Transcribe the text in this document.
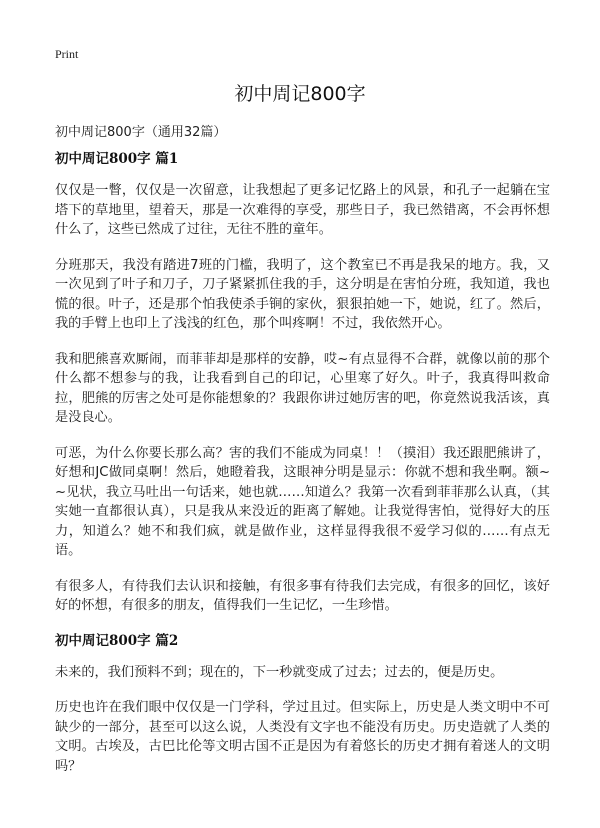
Print
初中周记800字

初中周记800字（通用32篇）

初中周记800字 篇1

仅仅是一瞥，仅仅是一次留意，让我想起了更多记忆路上的风景，和孔子一起躺在宝塔下的草地里，望着天，那是一次难得的享受，那些日子，我已然错离，不会再怀想什么了，这些已然成了过往，无往不胜的童年。

分班那天，我没有踏进7班的门槛，我明了，这个教室已不再是我呆的地方。我，又一次见到了叶子和刀子，刀子紧紧抓住我的手，这分明是在害怕分班，我知道，我也慌的很。叶子，还是那个怕我使杀手锏的家伙，狠狠拍她一下，她说，红了。然后，我的手臂上也印上了浅浅的红色，那个叫疼啊！不过，我依然开心。

我和肥熊喜欢厮闹，而菲菲却是那样的安静，哎~有点显得不合群，就像以前的那个什么都不想参与的我，让我看到自己的印记，心里寒了好久。叶子，我真得叫救命拉，肥熊的厉害之处可是你能想象的？我跟你讲过她厉害的吧，你竟然说我活该，真是没良心。

可恶，为什么你要长那么高？害的我们不能成为同桌！！（摸泪）我还跟肥熊讲了，好想和JC做同桌啊！然后，她瞪着我，这眼神分明是显示：你就不想和我坐啊。额~~见状，我立马吐出一句话来，她也就……知道么？我第一次看到菲菲那么认真，（其实她一直都很认真），只是我从来没近的距离了解她。让我觉得害怕，觉得好大的压力，知道么？她不和我们疯，就是做作业，这样显得我很不爱学习似的……有点无语。

有很多人，有待我们去认识和接触，有很多事有待我们去完成，有很多的回忆，该好好的怀想，有很多的朋友，值得我们一生记忆，一生珍惜。

初中周记800字 篇2

未来的，我们预料不到；现在的，下一秒就变成了过去；过去的，便是历史。

历史也许在我们眼中仅仅是一门学科，学过且过。但实际上，历史是人类文明中不可缺少的一部分，甚至可以这么说，人类没有文字也不能没有历史。历史造就了人类的文明。古埃及，古巴比伦等文明古国不正是因为有着悠长的历史才拥有着迷人的文明吗？
